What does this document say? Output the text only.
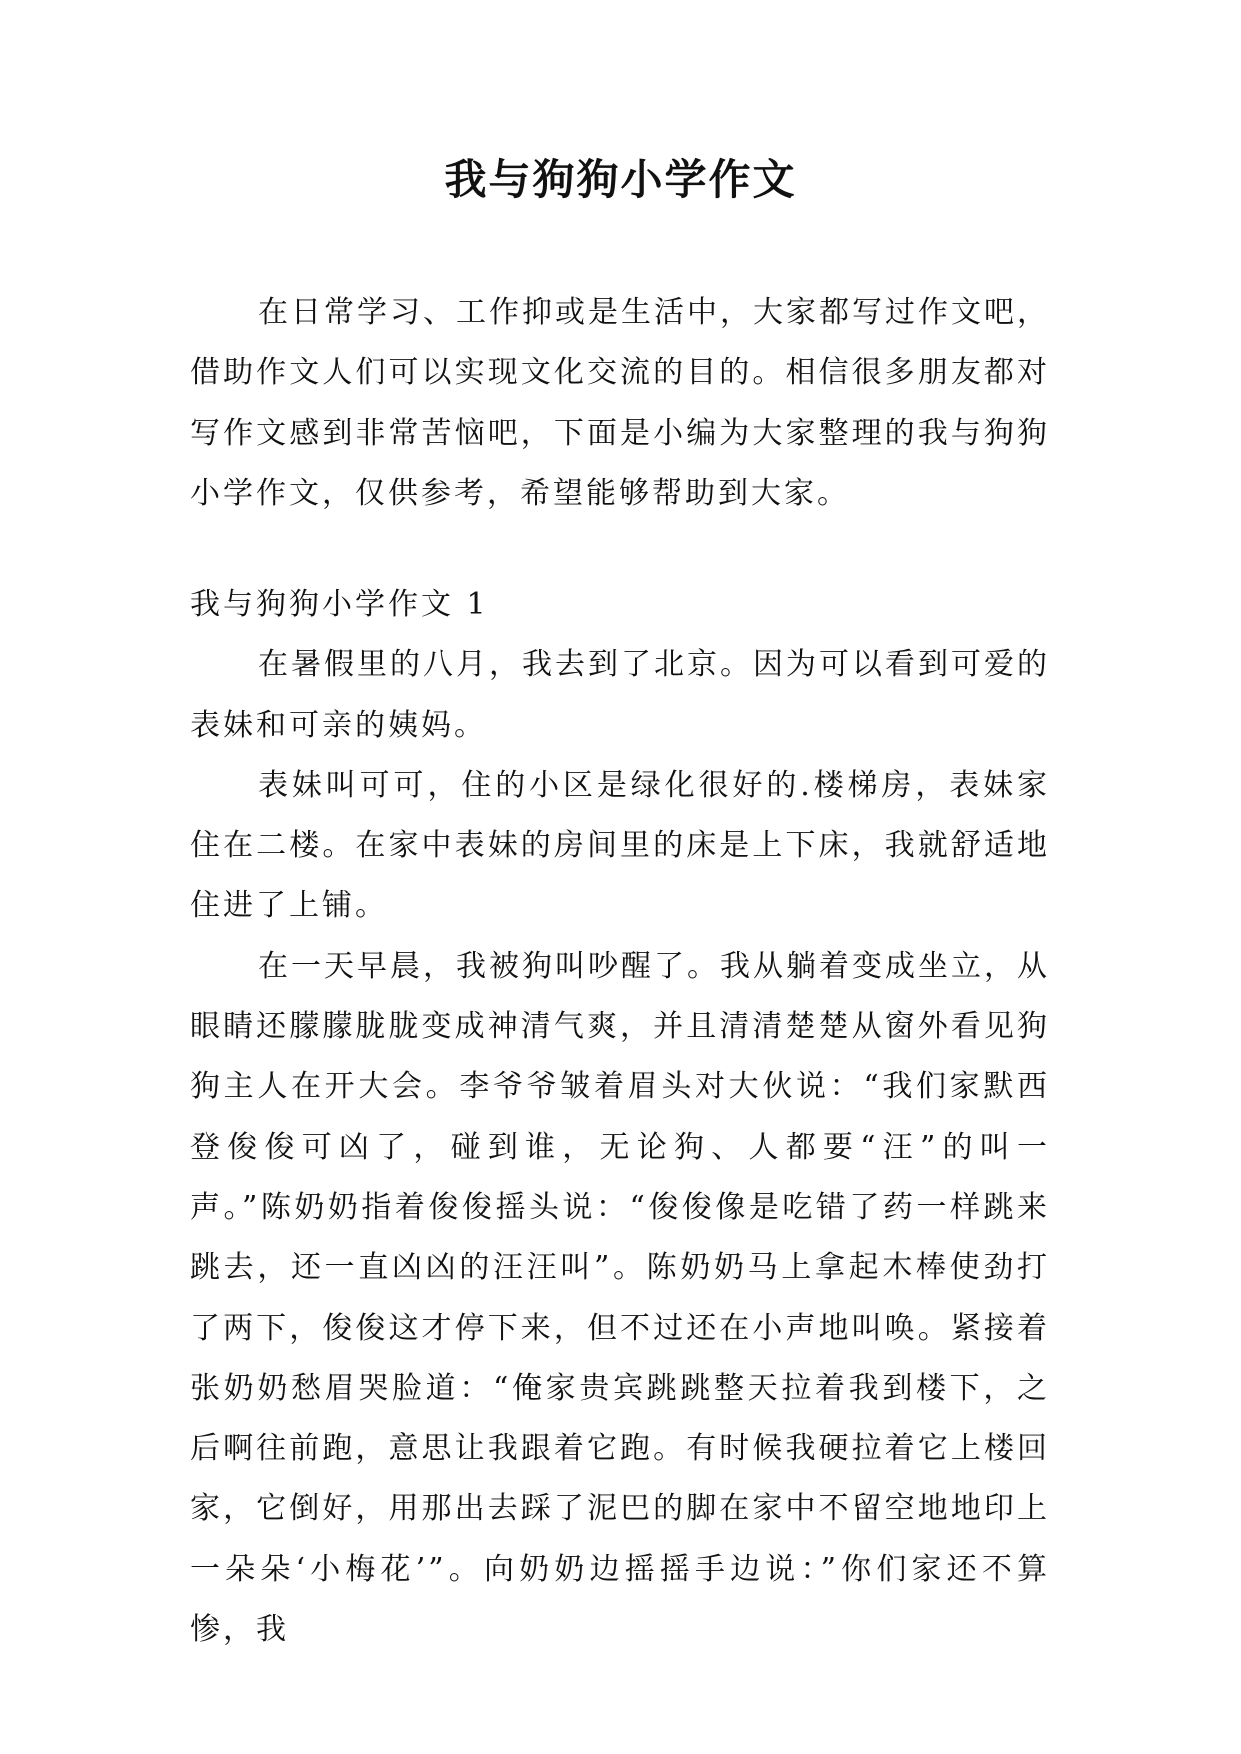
我与狗狗小学作文

在日常学习、工作抑或是生活中，大家都写过作文吧，借助作文人们可以实现文化交流的目的。相信很多朋友都对写作文感到非常苦恼吧，下面是小编为大家整理的我与狗狗小学作文，仅供参考，希望能够帮助到大家。

我与狗狗小学作文 1

在暑假里的八月，我去到了北京。因为可以看到可爱的表妹和可亲的姨妈。

表妹叫可可，住的小区是绿化很好的.楼梯房，表妹家住在二楼。在家中表妹的房间里的床是上下床，我就舒适地住进了上铺。

在一天早晨，我被狗叫吵醒了。我从躺着变成坐立，从眼睛还朦朦胧胧变成神清气爽，并且清清楚楚从窗外看见狗狗主人在开大会。李爷爷皱着眉头对大伙说：“我们家默西登俊俊可凶了，碰到谁，无论狗、人都要“汪”的叫一声。”陈奶奶指着俊俊摇头说：“俊俊像是吃错了药一样跳来跳去，还一直凶凶的汪汪叫”。陈奶奶马上拿起木棒使劲打了两下，俊俊这才停下来，但不过还在小声地叫唤。紧接着张奶奶愁眉哭脸道：“俺家贵宾跳跳整天拉着我到楼下，之后啊往前跑，意思让我跟着它跑。有时候我硬拉着它上楼回家，它倒好，用那出去踩了泥巴的脚在家中不留空地地印上一朵朵‘小梅花’”。向奶奶边摇摇手边说：”你们家还不算惨，我
